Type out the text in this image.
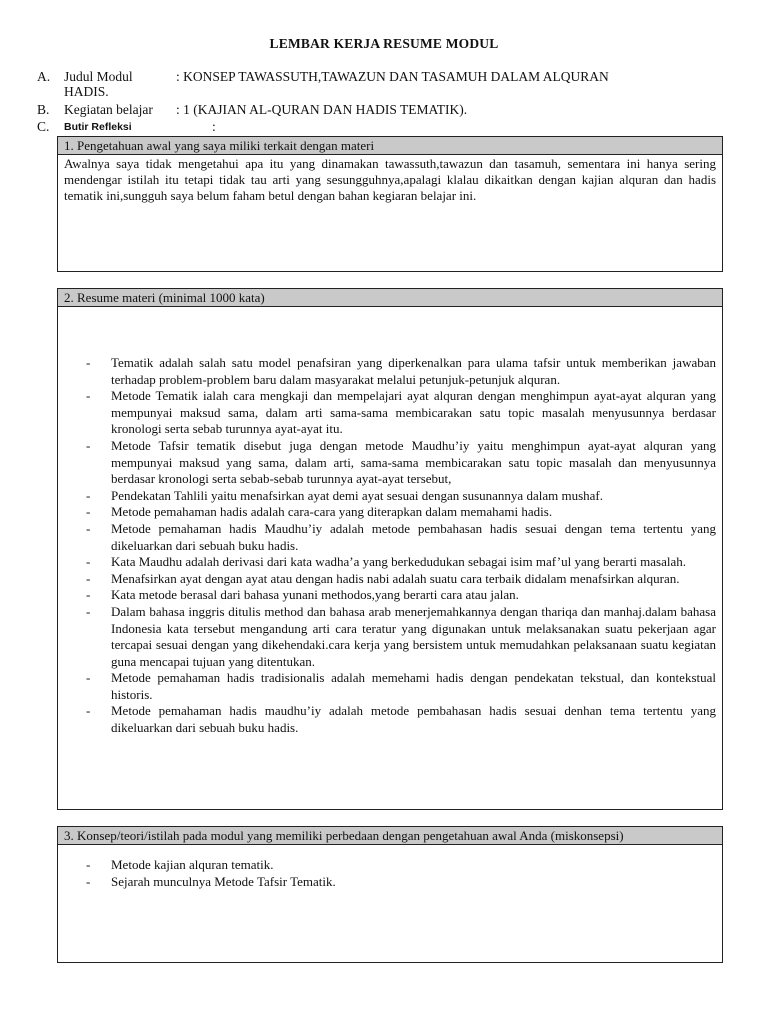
LEMBAR KERJA RESUME MODUL
A. Judul Modul	: KONSEP TAWASSUTH,TAWAZUN DAN TASAMUH DALAM ALQURAN
HADIS.
B. Kegiatan belajar : 1 (KAJIAN AL-QURAN DAN HADIS TEMATIK).
C. Butir Refleksi	:
1. Pengetahuan awal yang saya miliki terkait dengan materi
Awalnya saya tidak mengetahui apa itu yang dinamakan tawassuth,tawazun dan tasamuh, sementara ini hanya sering mendengar istilah itu tetapi tidak tau arti yang sesungguhnya,apalagi klalau dikaitkan dengan kajian alquran dan hadis tematik ini,sungguh saya belum faham betul dengan bahan kegiaran belajar ini.
2. Resume materi (minimal 1000 kata)
- Tematik adalah salah satu model penafsiran yang diperkenalkan para ulama tafsir untuk memberikan jawaban terhadap problem-problem baru dalam masyarakat melalui petunjuk-petunjuk alquran.
- Metode Tematik ialah cara mengkaji dan mempelajari ayat alquran dengan menghimpun ayat-ayat alquran yang mempunyai maksud sama, dalam arti sama-sama membicarakan satu topic masalah menyusunnya berdasar kronologi serta sebab turunnya ayat-ayat itu.
- Metode Tafsir tematik disebut juga dengan metode Maudhu’iy yaitu menghimpun ayat-ayat alquran yang mempunyai maksud yang sama, dalam arti, sama-sama membicarakan satu topic masalah dan menyusunnya berdasar kronologi serta sebab-sebab turunnya ayat-ayat tersebut,
- Pendekatan Tahlili yaitu menafsirkan ayat demi ayat sesuai dengan susunannya dalam mushaf.
- Metode pemahaman hadis adalah cara-cara yang diterapkan dalam memahami hadis.
- Metode pemahaman hadis Maudhu’iy adalah metode pembahasan hadis sesuai dengan tema tertentu yang dikeluarkan dari sebuah buku hadis.
- Kata Maudhu adalah derivasi dari kata wadha’a yang berkedudukan sebagai isim maf’ul yang berarti masalah.
- Menafsirkan ayat dengan ayat atau dengan hadis nabi adalah suatu cara terbaik didalam menafsirkan alquran.
- Kata metode berasal dari bahasa yunani methodos,yang berarti cara atau jalan.
- Dalam bahasa inggris ditulis method dan bahasa arab menerjemahkannya dengan thariqa dan manhaj.dalam bahasa Indonesia kata tersebut mengandung arti cara teratur yang digunakan untuk melaksanakan suatu pekerjaan agar tercapai sesuai dengan yang dikehendaki.cara kerja yang bersistem untuk memudahkan pelaksanaan suatu kegiatan guna mencapai tujuan yang ditentukan.
- Metode pemahaman hadis tradisionalis adalah memehami hadis dengan pendekatan tekstual, dan kontekstual historis.
- Metode pemahaman hadis maudhu’iy adalah metode pembahasan hadis sesuai denhan tema tertentu yang dikeluarkan dari sebuah buku hadis.
3. Konsep/teori/istilah pada modul yang memiliki perbedaan dengan pengetahuan awal Anda (miskonsepsi)
- Metode kajian alquran tematik.
- Sejarah munculnya Metode Tafsir Tematik.
